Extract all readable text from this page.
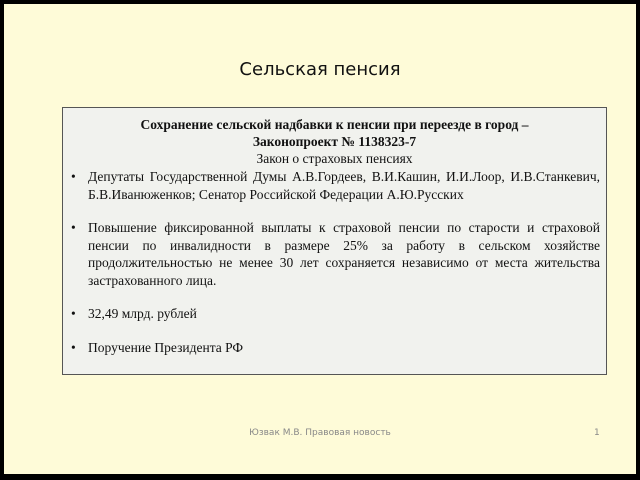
Сельская пенсия
Сохранение сельской надбавки к пенсии при переезде в город –
Законопроект № 1138323-7
Закон о страховых пенсиях
• Депутаты Государственной Думы А.В.Гордеев, В.И.Кашин, И.И.Лоор, И.В.Станкевич, Б.В.Иванюженков; Сенатор Российской Федерации А.Ю.Русских
• Повышение фиксированной выплаты к страховой пенсии по старости и страховой пенсии по инвалидности в размере 25% за работу в сельском хозяйстве продолжительностью не менее 30 лет сохраняется независимо от места жительства застрахованного лица.
• 32,49 млрд. рублей
• Поручение Президента РФ
Юзвак М.В. Правовая новость	1
